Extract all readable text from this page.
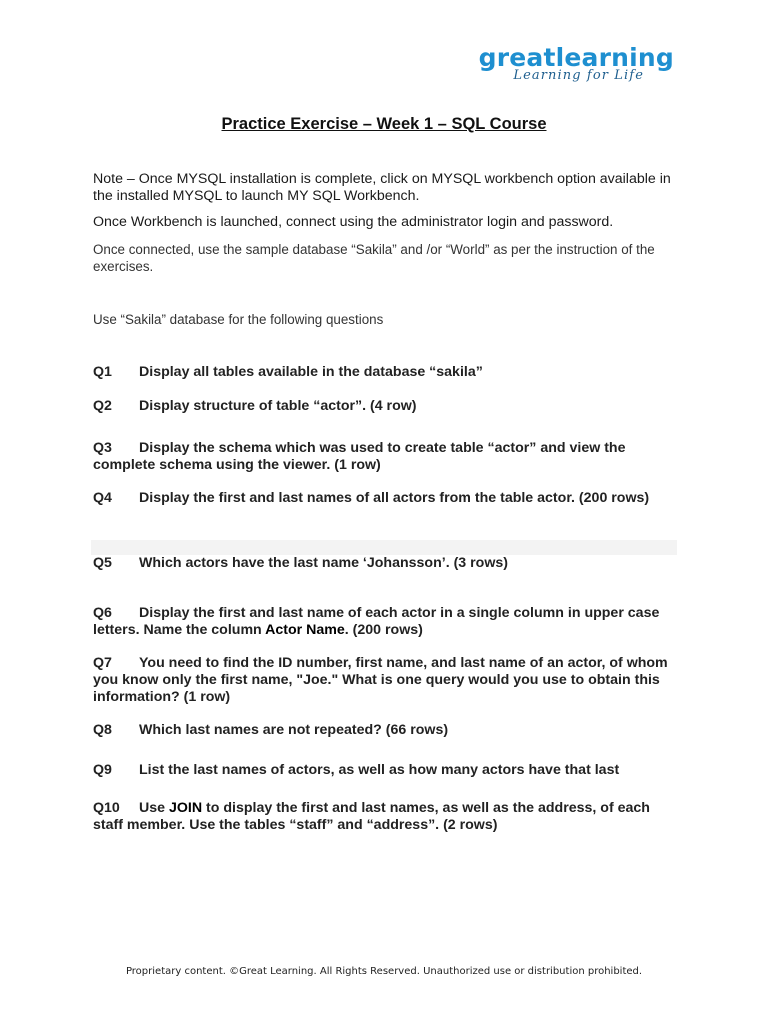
greatlearning
Learning for Life
Practice Exercise – Week 1 – SQL Course
Note – Once MYSQL installation is complete, click on MYSQL workbench option available in the installed MYSQL to launch MY SQL Workbench.
Once Workbench is launched, connect using the administrator login and password.
Once connected, use the sample database “Sakila” and /or “World” as per the instruction of the exercises.
Use “Sakila” database for the following questions
Q1 Display all tables available in the database “sakila”
Q2 Display structure of table “actor”. (4 row)
Q3 Display the schema which was used to create table “actor” and view the complete schema using the viewer. (1 row)
Q4 Display the first and last names of all actors from the table actor. (200 rows)
Q5 Which actors have the last name ‘Johansson’. (3 rows)
Q6 Display the first and last name of each actor in a single column in upper case letters. Name the column Actor Name. (200 rows)
Q7 You need to find the ID number, first name, and last name of an actor, of whom you know only the first name, "Joe." What is one query would you use to obtain this information? (1 row)
Q8 Which last names are not repeated? (66 rows)
Q9 List the last names of actors, as well as how many actors have that last
Q10 Use JOIN to display the first and last names, as well as the address, of each staff member. Use the tables “staff” and “address”. (2 rows)
Proprietary content. ©Great Learning. All Rights Reserved. Unauthorized use or distribution prohibited.
